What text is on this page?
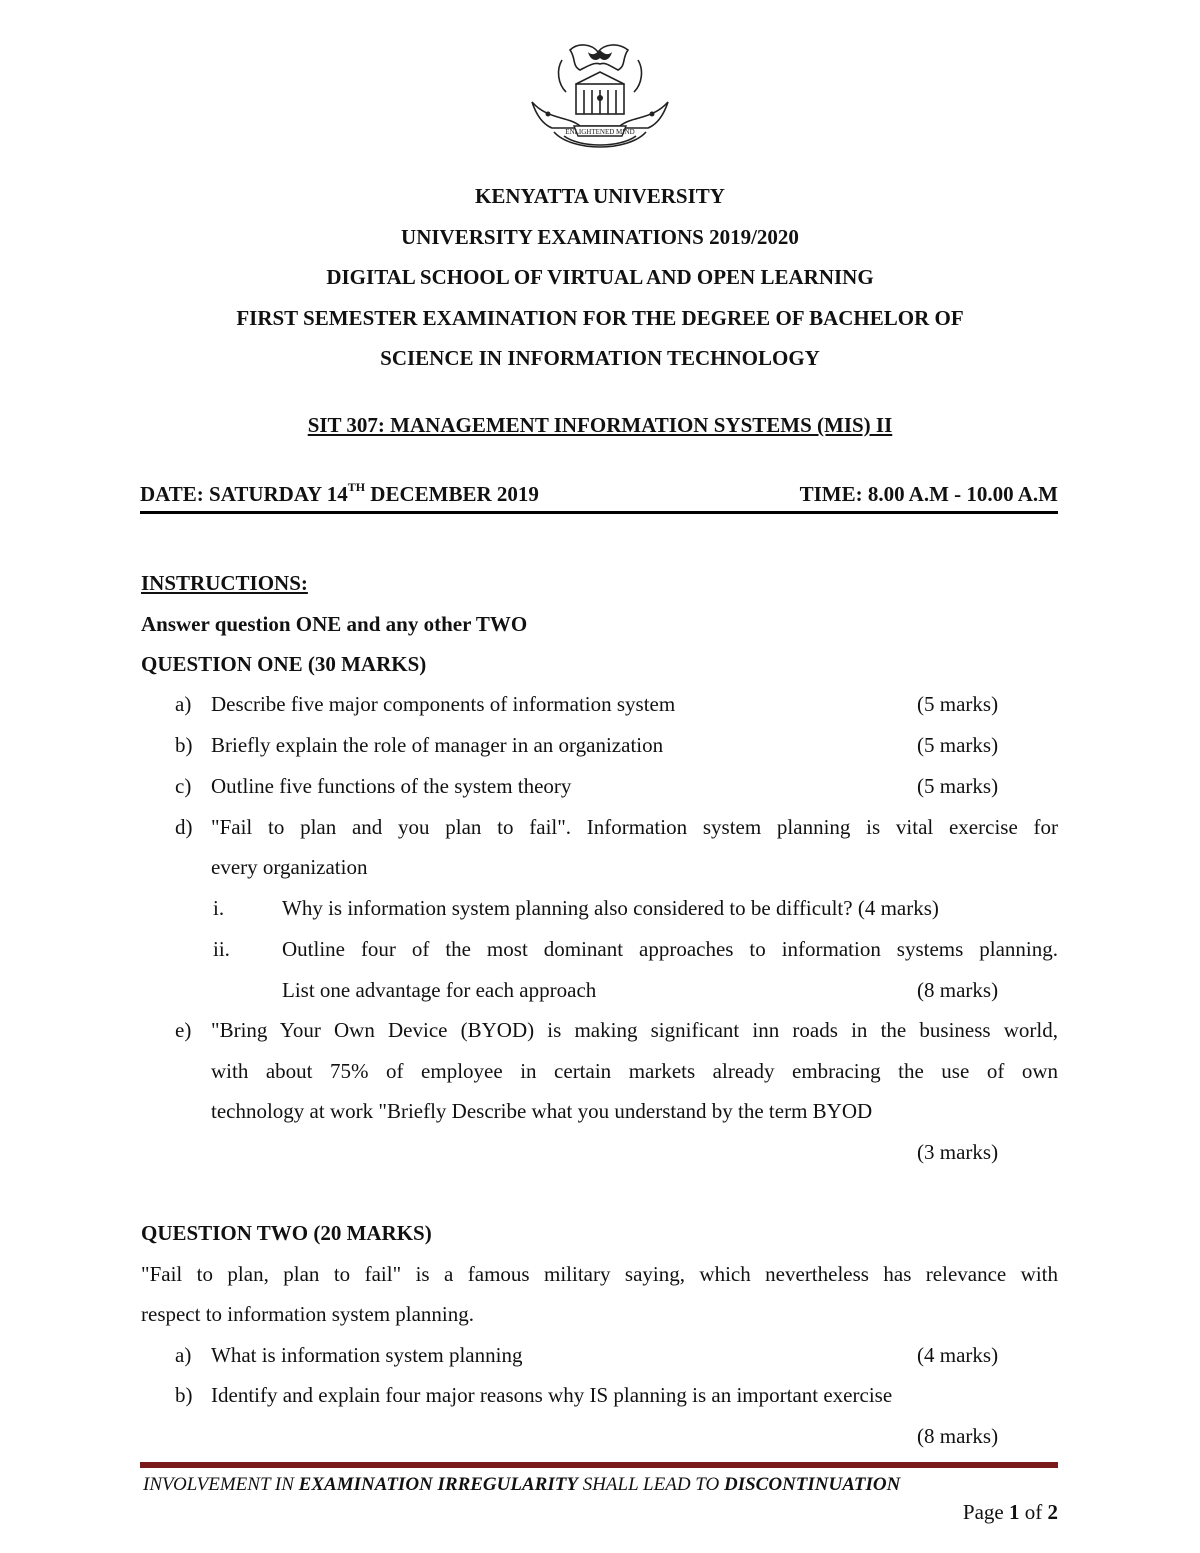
ENLIGHTENED MIND
KENYATTA UNIVERSITY
UNIVERSITY EXAMINATIONS 2019/2020
DIGITAL SCHOOL OF VIRTUAL AND OPEN LEARNING
FIRST SEMESTER EXAMINATION FOR THE DEGREE OF BACHELOR OF
SCIENCE IN INFORMATION TECHNOLOGY
SIT 307: MANAGEMENT INFORMATION SYSTEMS (MIS) II
DATE: SATURDAY 14TH DECEMBER 2019	TIME: 8.00 A.M - 10.00 A.M
INSTRUCTIONS:
Answer question ONE and any other TWO
QUESTION ONE (30 MARKS)
a) Describe five major components of information system	(5 marks)
b) Briefly explain the role of manager in an organization	(5 marks)
c) Outline five functions of the system theory	(5 marks)
d) "Fail to plan and you plan to fail". Information system planning is vital exercise for
every organization
i.	Why is information system planning also considered to be difficult? (4 marks)
ii. Outline four of the most dominant approaches to information systems planning.
List one advantage for each approach	(8 marks)
e) "Bring Your Own Device (BYOD) is making significant inn roads in the business world,
with about 75% of employee in certain markets already embracing the use of own
technology at work "Briefly Describe what you understand by the term BYOD
(3 marks)
QUESTION TWO (20 MARKS)
"Fail to plan, plan to fail" is a famous military saying, which nevertheless has relevance with
respect to information system planning.
a) What is information system planning	(4 marks)
b) Identify and explain four major reasons why IS planning is an important exercise
(8 marks)
INVOLVEMENT IN EXAMINATION IRREGULARITY SHALL LEAD TO DISCONTINUATION
Page 1 of 2
